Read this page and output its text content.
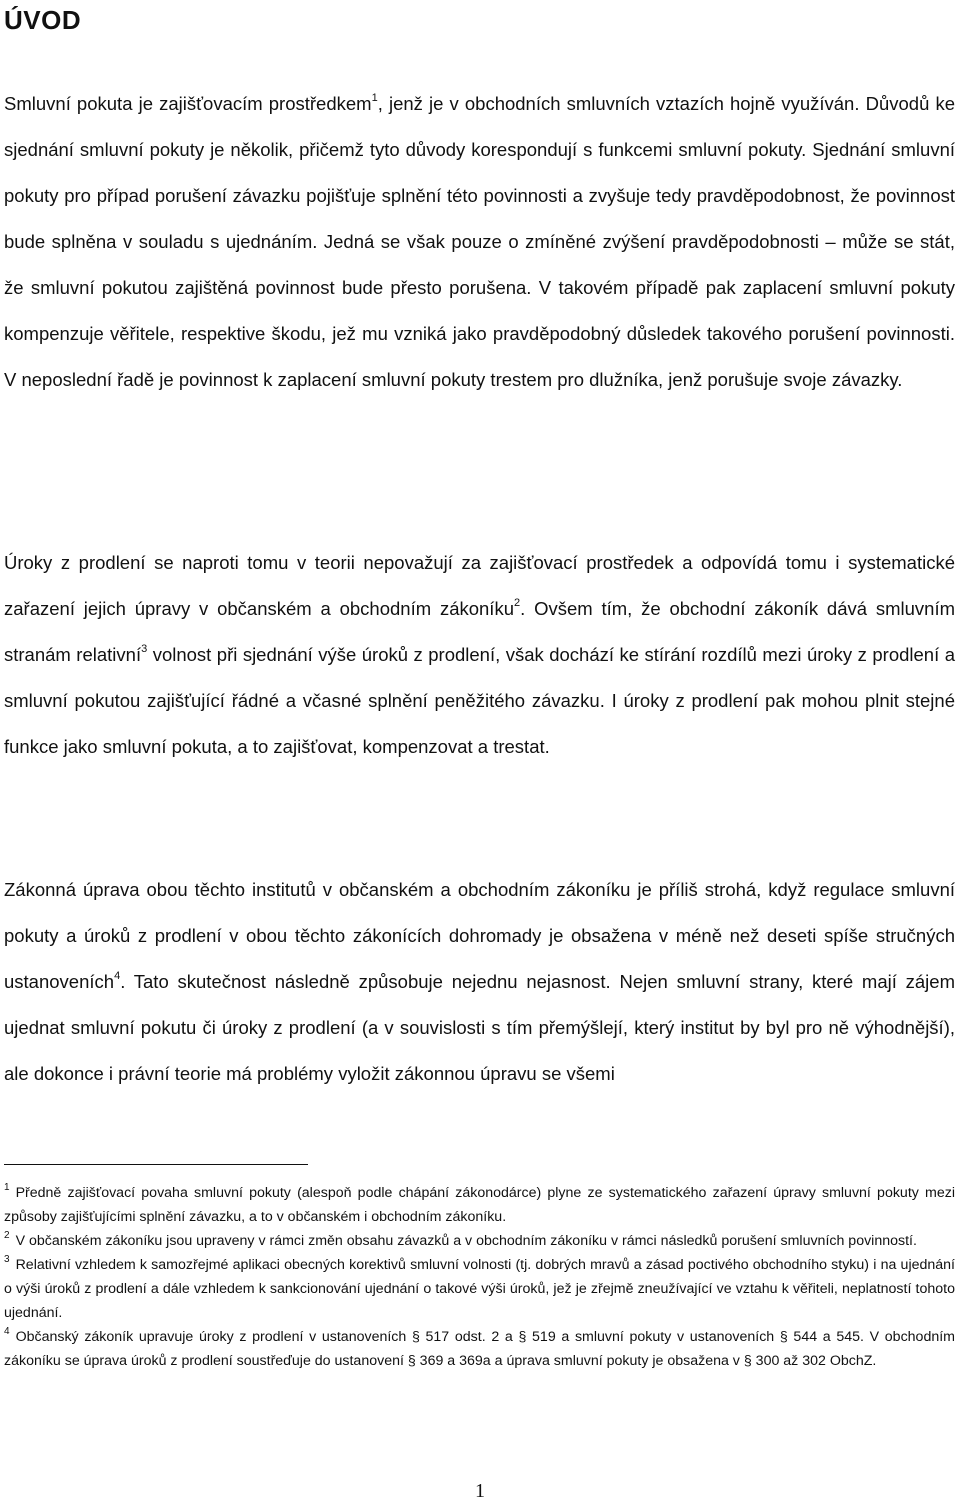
ÚVOD

Smluvní pokuta je zajišťovacím prostředkem$^1$, jenž je v obchodních smluvních vztazích hojně využíván. Důvodů ke sjednání smluvní pokuty je několik, přičemž tyto důvody korespondují s funkcemi smluvní pokuty. Sjednání smluvní pokuty pro případ porušení závazku pojišťuje splnění této povinnosti a zvyšuje tedy pravděpodobnost, že povinnost bude splněna v souladu s ujednáním. Jedná se však pouze o zmíněné zvýšení pravděpodobnosti – může se stát, že smluvní pokutou zajištěná povinnost bude přesto porušena. V takovém případě pak zaplacení smluvní pokuty kompenzuje věřitele, respektive škodu, jež mu vzniká jako pravděpodobný důsledek takového porušení povinnosti. V neposlední řadě je povinnost k zaplacení smluvní pokuty trestem pro dlužníka, jenž porušuje svoje závazky.

Úroky z prodlení se naproti tomu v teorii nepovažují za zajišťovací prostředek a odpovídá tomu i systematické zařazení jejich úpravy v občanském a obchodním zákoníku$^2$. Ovšem tím, že obchodní zákoník dává smluvním stranám relativní$^3$ volnost při sjednání výše úroků z prodlení, však dochází ke stírání rozdílů mezi úroky z prodlení a smluvní pokutou zajišťující řádné a včasné splnění peněžitého závazku. I úroky z prodlení pak mohou plnit stejné funkce jako smluvní pokuta, a to zajišťovat, kompenzovat a trestat.

Zákonná úprava obou těchto institutů v občanském a obchodním zákoníku je příliš strohá, když regulace smluvní pokuty a úroků z prodlení v obou těchto zákonících dohromady je obsažena v méně než deseti spíše stručných ustanoveních$^4$. Tato skutečnost následně způsobuje nejednu nejasnost. Nejen smluvní strany, které mají zájem ujednat smluvní pokutu či úroky z prodlení (a v souvislosti s tím přemýšlejí, který institut by byl pro ně výhodnější), ale dokonce i právní teorie má problémy vyložit zákonnou úpravu se všemi

$^1$ Předně zajišťovací povaha smluvní pokuty (alespoň podle chápání zákonodárce) plyne ze systematického zařazení úpravy smluvní pokuty mezi způsoby zajišťujícími splnění závazku, a to v občanském i obchodním zákoníku.
$^2$ V občanském zákoníku jsou upraveny v rámci změn obsahu závazků a v obchodním zákoníku v rámci následků porušení smluvních povinností.
$^3$ Relativní vzhledem k samozřejmé aplikaci obecných korektivů smluvní volnosti (tj. dobrých mravů a zásad poctivého obchodního styku) i na ujednání o výši úroků z prodlení a dále vzhledem k sankcionování ujednání o takové výši úroků, jež je zřejmě zneužívající ve vztahu k věřiteli, neplatností tohoto ujednání.
$^4$ Občanský zákoník upravuje úroky z prodlení v ustanoveních § 517 odst. 2 a § 519 a smluvní pokuty v ustanoveních § 544 a 545. V obchodním zákoníku se úprava úroků z prodlení soustřeďuje do ustanovení § 369 a 369a a úprava smluvní pokuty je obsažena v § 300 až 302 ObchZ.
1
